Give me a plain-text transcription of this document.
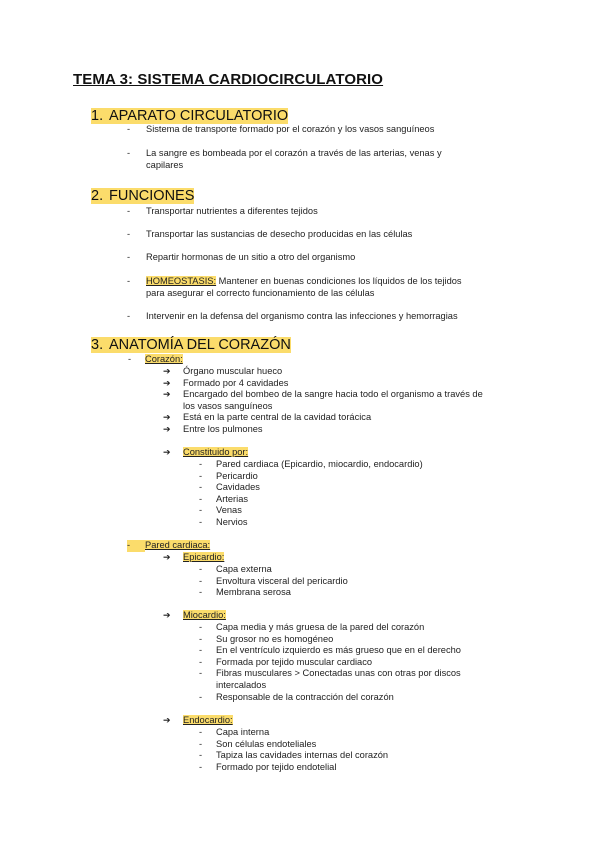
TEMA 3: SISTEMA CARDIOCIRCULATORIO
1. APARATO CIRCULATORIO
- Sistema de transporte formado por el corazón y los vasos sanguíneos
- La sangre es bombeada por el corazón a través de las arterias, venas y
capilares
2. FUNCIONES
- Transportar nutrientes a diferentes tejidos
- Transportar las sustancias de desecho producidas en las células
- Repartir hormonas de un sitio a otro del organismo
- HOMEOSTASIS: Mantener en buenas condiciones los líquidos de los tejidos
para asegurar el correcto funcionamiento de las células
- Intervenir en la defensa del organismo contra las infecciones y hemorragias
3. ANATOMÍA DEL CORAZÓN
- Corazón:
➔ Órgano muscular hueco
➔ Formado por 4 cavidades
➔ Encargado del bombeo de la sangre hacia todo el organismo a través de
los vasos sanguíneos
➔ Está en la parte central de la cavidad torácica
➔ Entre los pulmones
➔ Constituido por:
- Pared cardiaca (Epicardio, miocardio, endocardio)
- Pericardio
- Cavidades
- Arterias
- Venas
- Nervios
- Pared cardiaca:
➔ Epicardio:
- Capa externa
- Envoltura visceral del pericardio
- Membrana serosa
➔ Miocardio:
- Capa media y más gruesa de la pared del corazón
- Su grosor no es homogéneo
- En el ventrículo izquierdo es más grueso que en el derecho
- Formada por tejido muscular cardiaco
- Fibras musculares > Conectadas unas con otras por discos
intercalados
- Responsable de la contracción del corazón
➔ Endocardio:
- Capa interna
- Son células endoteliales
- Tapiza las cavidades internas del corazón
- Formado por tejido endotelial
